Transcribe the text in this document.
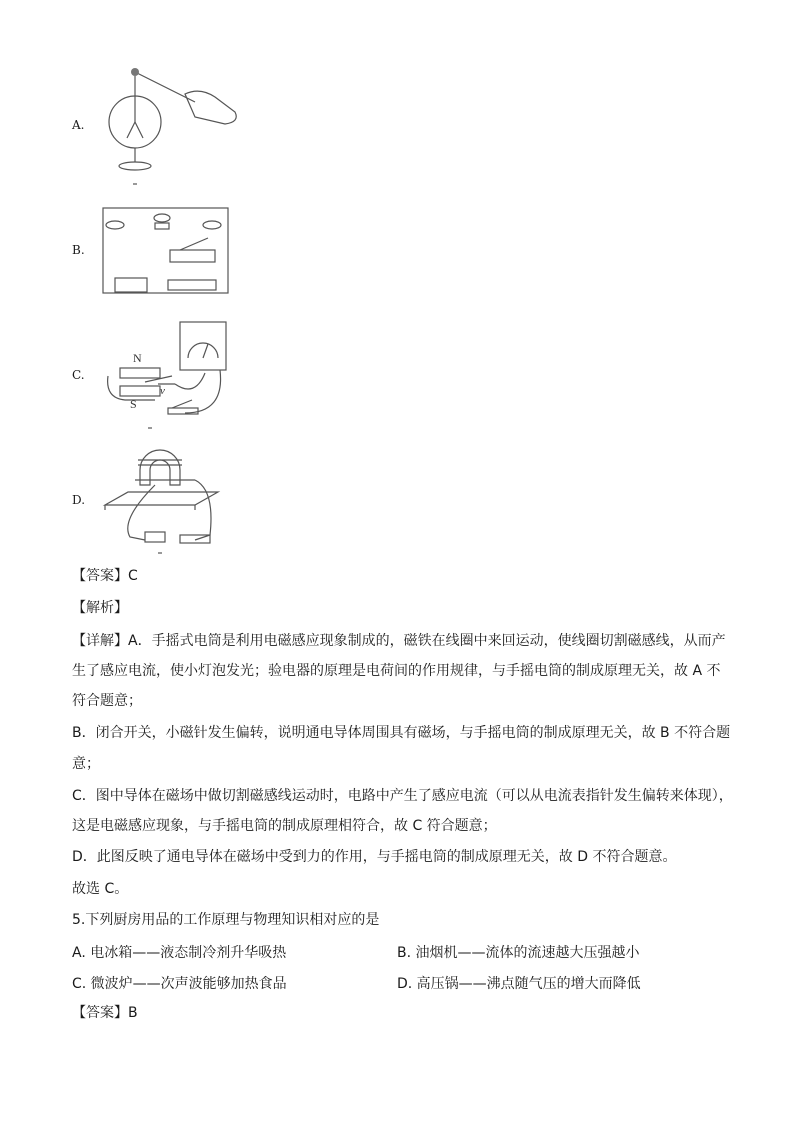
A.
B.
C.
N
S
v
D.
【答案】C
【解析】
【详解】A．手摇式电筒是利用电磁感应现象制成的，磁铁在线圈中来回运动，使线圈切割磁感线，从而产
生了感应电流，使小灯泡发光；验电器的原理是电荷间的作用规律，与手摇电筒的制成原理无关，故 A 不
符合题意；
B．闭合开关，小磁针发生偏转，说明通电导体周围具有磁场，与手摇电筒的制成原理无关，故 B 不符合题
意；
C．图中导体在磁场中做切割磁感线运动时，电路中产生了感应电流（可以从电流表指针发生偏转来体现），
这是电磁感应现象，与手摇电筒的制成原理相符合，故 C 符合题意；
D．此图反映了通电导体在磁场中受到力的作用，与手摇电筒的制成原理无关，故 D 不符合题意。
故选 C。
5.下列厨房用品的工作原理与物理知识相对应的是
A. 电冰箱——液态制冷剂升华吸热	B. 油烟机——流体的流速越大压强越小
C. 微波炉——次声波能够加热食品	D. 高压锅——沸点随气压的增大而降低
【答案】B
